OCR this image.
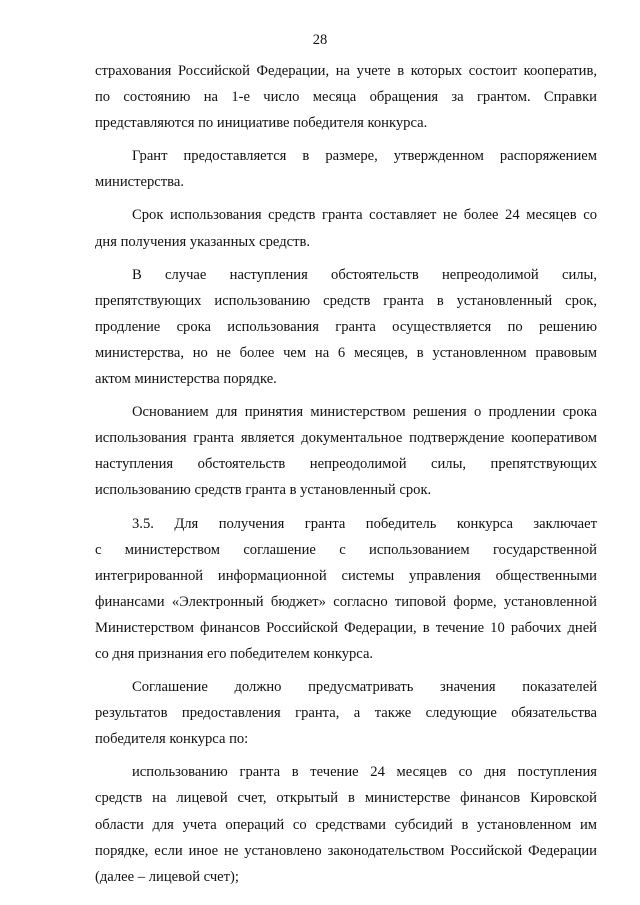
28

страхования Российской Федерации, на учете в которых состоит кооператив,
по состоянию на 1-е число месяца обращения за грантом. Справки
представляются по инициативе победителя конкурса.

Грант предоставляется в размере, утвержденном распоряжением
министерства.

Срок использования средств гранта составляет не более 24 месяцев со
дня получения указанных средств.

В случае наступления обстоятельств непреодолимой силы,
препятствующих использованию средств гранта в установленный срок,
продление срока использования гранта осуществляется по решению
министерства, но не более чем на 6 месяцев, в установленном правовым
актом министерства порядке.

Основанием для принятия министерством решения о продлении срока
использования гранта является документальное подтверждение кооперативом
наступления обстоятельств непреодолимой силы, препятствующих
использованию средств гранта в установленный срок.

3.5. Для получения гранта победитель конкурса заключает
с министерством соглашение с использованием государственной
интегрированной информационной системы управления общественными
финансами «Электронный бюджет» согласно типовой форме, установленной
Министерством финансов Российской Федерации, в течение 10 рабочих дней
со дня признания его победителем конкурса.

Соглашение должно предусматривать значения показателей
результатов предоставления гранта, а также следующие обязательства
победителя конкурса по:

использованию гранта в течение 24 месяцев со дня поступления
средств на лицевой счет, открытый в министерстве финансов Кировской
области для учета операций со средствами субсидий в установленном им
порядке, если иное не установлено законодательством Российской Федерации
(далее – лицевой счет);
